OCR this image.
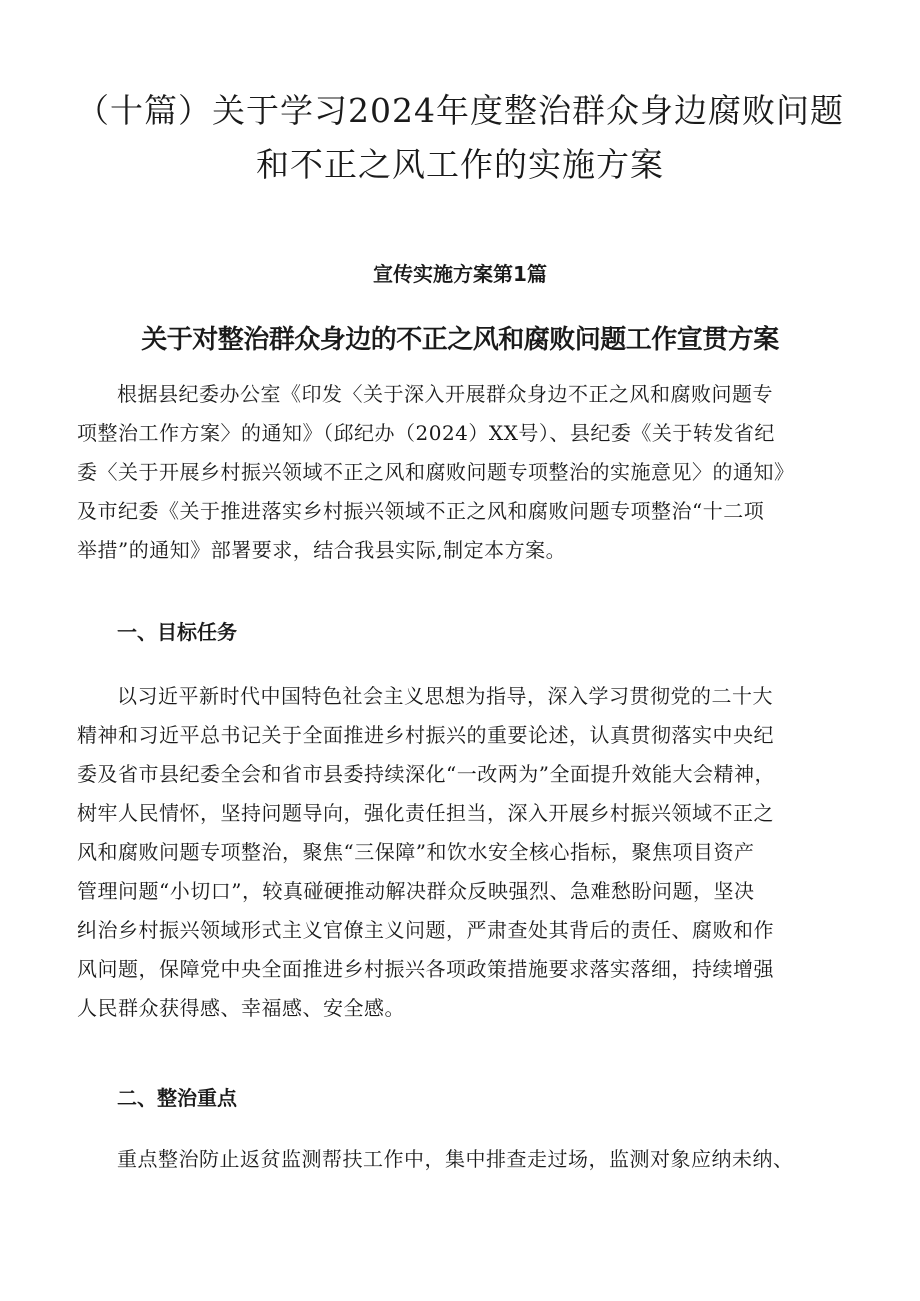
（十篇）关于学习2024年度整治群众身边腐败问题
和不正之风工作的实施方案
宣传实施方案第1篇
关于对整治群众身边的不正之风和腐败问题工作宣贯方案
根据县纪委办公室《印发〈关于深入开展群众身边不正之风和腐败问题专
项整治工作方案〉的通知》（邱纪办（2024）XX号）、县纪委《关于转发省纪
委〈关于开展乡村振兴领域不正之风和腐败问题专项整治的实施意见〉的通知》
及市纪委《关于推进落实乡村振兴领域不正之风和腐败问题专项整治“十二项
举措”的通知》部署要求，结合我县实际,制定本方案。
一、目标任务
以习近平新时代中国特色社会主义思想为指导，深入学习贯彻党的二十大
精神和习近平总书记关于全面推进乡村振兴的重要论述，认真贯彻落实中央纪
委及省市县纪委全会和省市县委持续深化“一改两为”全面提升效能大会精神，
树牢人民情怀，坚持问题导向，强化责任担当，深入开展乡村振兴领域不正之
风和腐败问题专项整治，聚焦“三保障”和饮水安全核心指标，聚焦项目资产
管理问题“小切口”，较真碰硬推动解决群众反映强烈、急难愁盼问题，坚决
纠治乡村振兴领域形式主义官僚主义问题，严肃查处其背后的责任、腐败和作
风问题，保障党中央全面推进乡村振兴各项政策措施要求落实落细，持续增强
人民群众获得感、幸福感、安全感。
二、整治重点
重点整治防止返贫监测帮扶工作中，集中排查走过场，监测对象应纳未纳、
